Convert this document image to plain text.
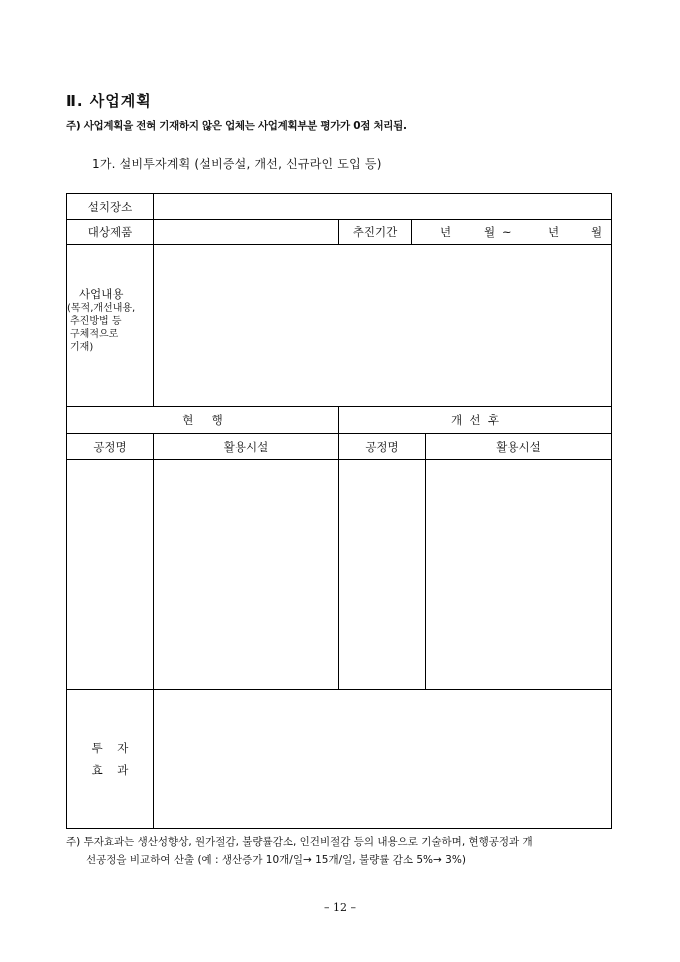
Ⅱ. 사업계획
주) 사업계획을 전혀 기재하지 않은 업체는 사업계획부분 평가가 0점 처리됨.
1가. 설비투자계획 (설비증설, 개선, 신규라인 도입 등)
설치장소
대상제품	추진기간	년	월 ~	년	월
사업내용
(목적,개선내용,
추진방법 등
구체적으로
기재)
현     행	개  선  후
공정명	활용시설	공정명	활용시설
투    자
효    과
주) 투자효과는 생산성향상, 원가절감, 불량률감소, 인건비절감 등의 내용으로 기술하며, 현행공정과 개
선공정을 비교하여 산출 (예 : 생산증가 10개/일→ 15개/일, 불량률 감소 5%→ 3%)
– 12 –
